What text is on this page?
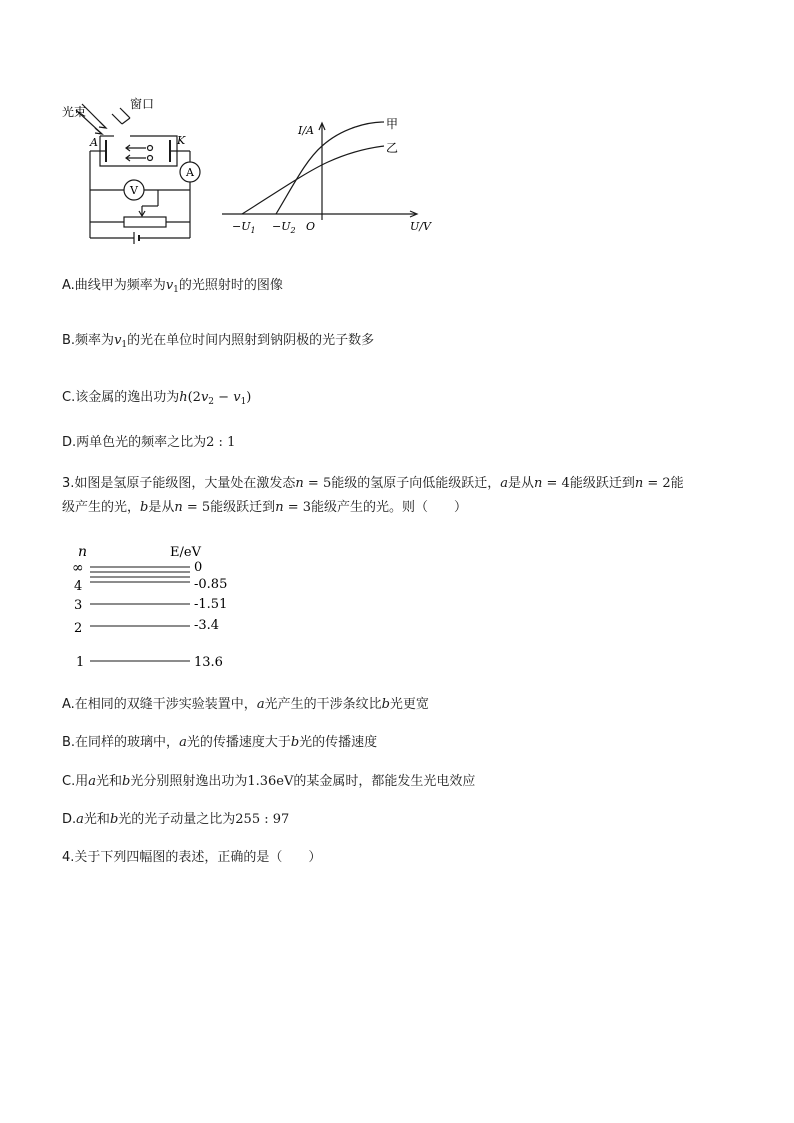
光束
窗口
A	K
A
V
I/A	甲
乙
U/V
O
$-U_1 -U_2$
A.曲线甲为频率为$v_1$的光照射时的图像
B.频率为$v_1$的光在单位时间内照射到钠阴极的光子数多
C.该金属的逸出功为$h(2v_2 - v_1)$
D.两单色光的频率之比为2 : 1
3.如图是氢原子能级图，大量处在激发态n = 5能级的氢原子向低能级跃迁，a是从n = 4能级跃迁到n = 2能
级产生的光，b是从n = 5能级跃迁到n = 3能级产生的光。则（　　）
n	E/eV
∞	0
4	-0.85
3	-1.51
2	-3.4
1	13.6
A.在相同的双缝干涉实验装置中，a光产生的干涉条纹比b光更宽
B.在同样的玻璃中，a光的传播速度大于b光的传播速度
C.用a光和b光分别照射逸出功为1.36eV的某金属时，都能发生光电效应
D.a光和b光的光子动量之比为255 : 97
4.关于下列四幅图的表述，正确的是（　　）
